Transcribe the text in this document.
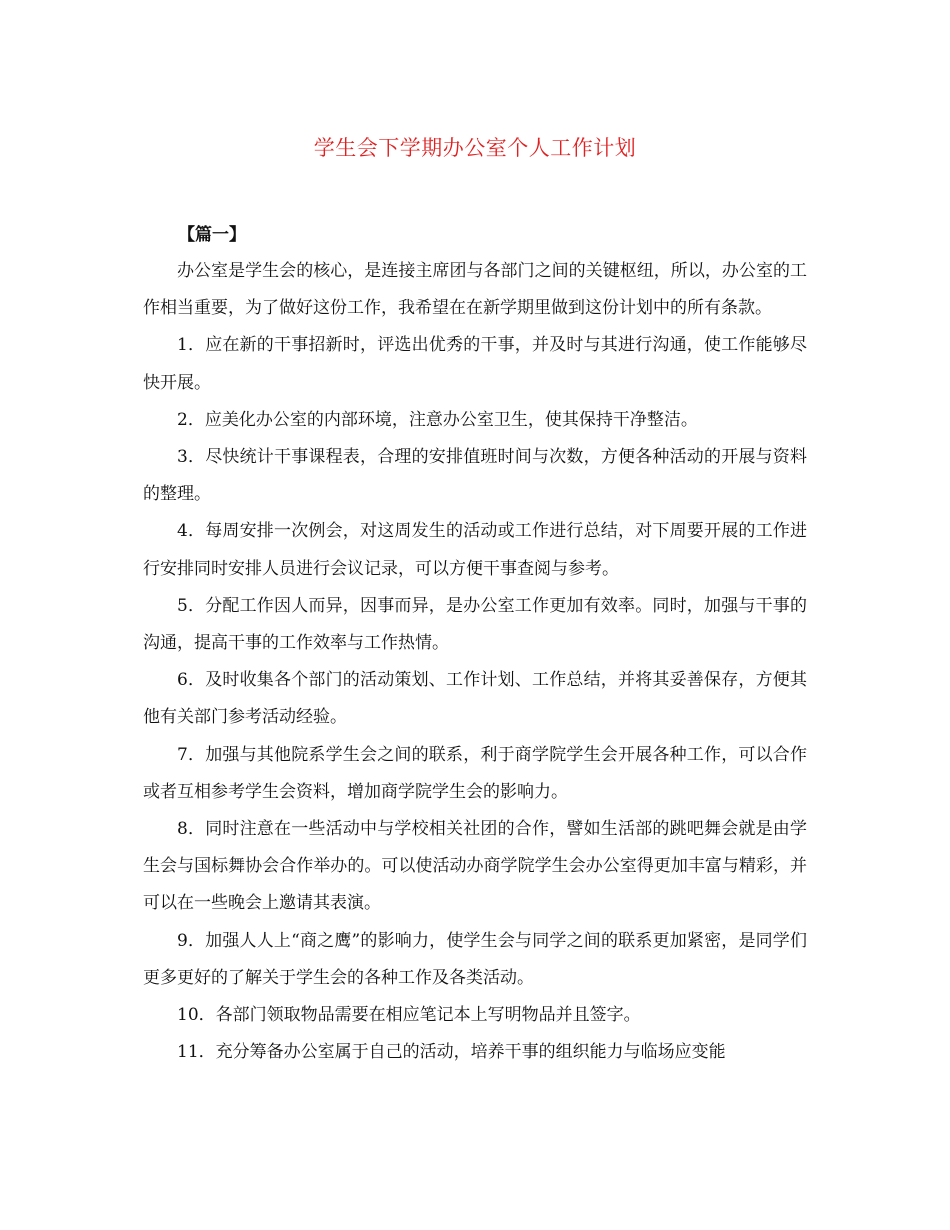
学生会下学期办公室个人工作计划
【篇一】

办公室是学生会的核心，是连接主席团与各部门之间的关键枢纽，所以，办公室的工作相当重要，为了做好这份工作，我希望在在新学期里做到这份计划中的所有条款。

1．应在新的干事招新时，评选出优秀的干事，并及时与其进行沟通，使工作能够尽快开展。

2．应美化办公室的内部环境，注意办公室卫生，使其保持干净整洁。

3．尽快统计干事课程表，合理的安排值班时间与次数，方便各种活动的开展与资料的整理。

4．每周安排一次例会，对这周发生的活动或工作进行总结，对下周要开展的工作进行安排同时安排人员进行会议记录，可以方便干事查阅与参考。

5．分配工作因人而异，因事而异，是办公室工作更加有效率。同时，加强与干事的沟通，提高干事的工作效率与工作热情。

6．及时收集各个部门的活动策划、工作计划、工作总结，并将其妥善保存，方便其他有关部门参考活动经验。

7．加强与其他院系学生会之间的联系，利于商学院学生会开展各种工作，可以合作或者互相参考学生会资料，增加商学院学生会的影响力。

8．同时注意在一些活动中与学校相关社团的合作，譬如生活部的跳吧舞会就是由学生会与国标舞协会合作举办的。可以使活动办商学院学生会办公室得更加丰富与精彩，并可以在一些晚会上邀请其表演。

9．加强人人上“商之鹰”的影响力，使学生会与同学之间的联系更加紧密，是同学们更多更好的了解关于学生会的各种工作及各类活动。

10．各部门领取物品需要在相应笔记本上写明物品并且签字。

11．充分筹备办公室属于自己的活动，培养干事的组织能力与临场应变能
